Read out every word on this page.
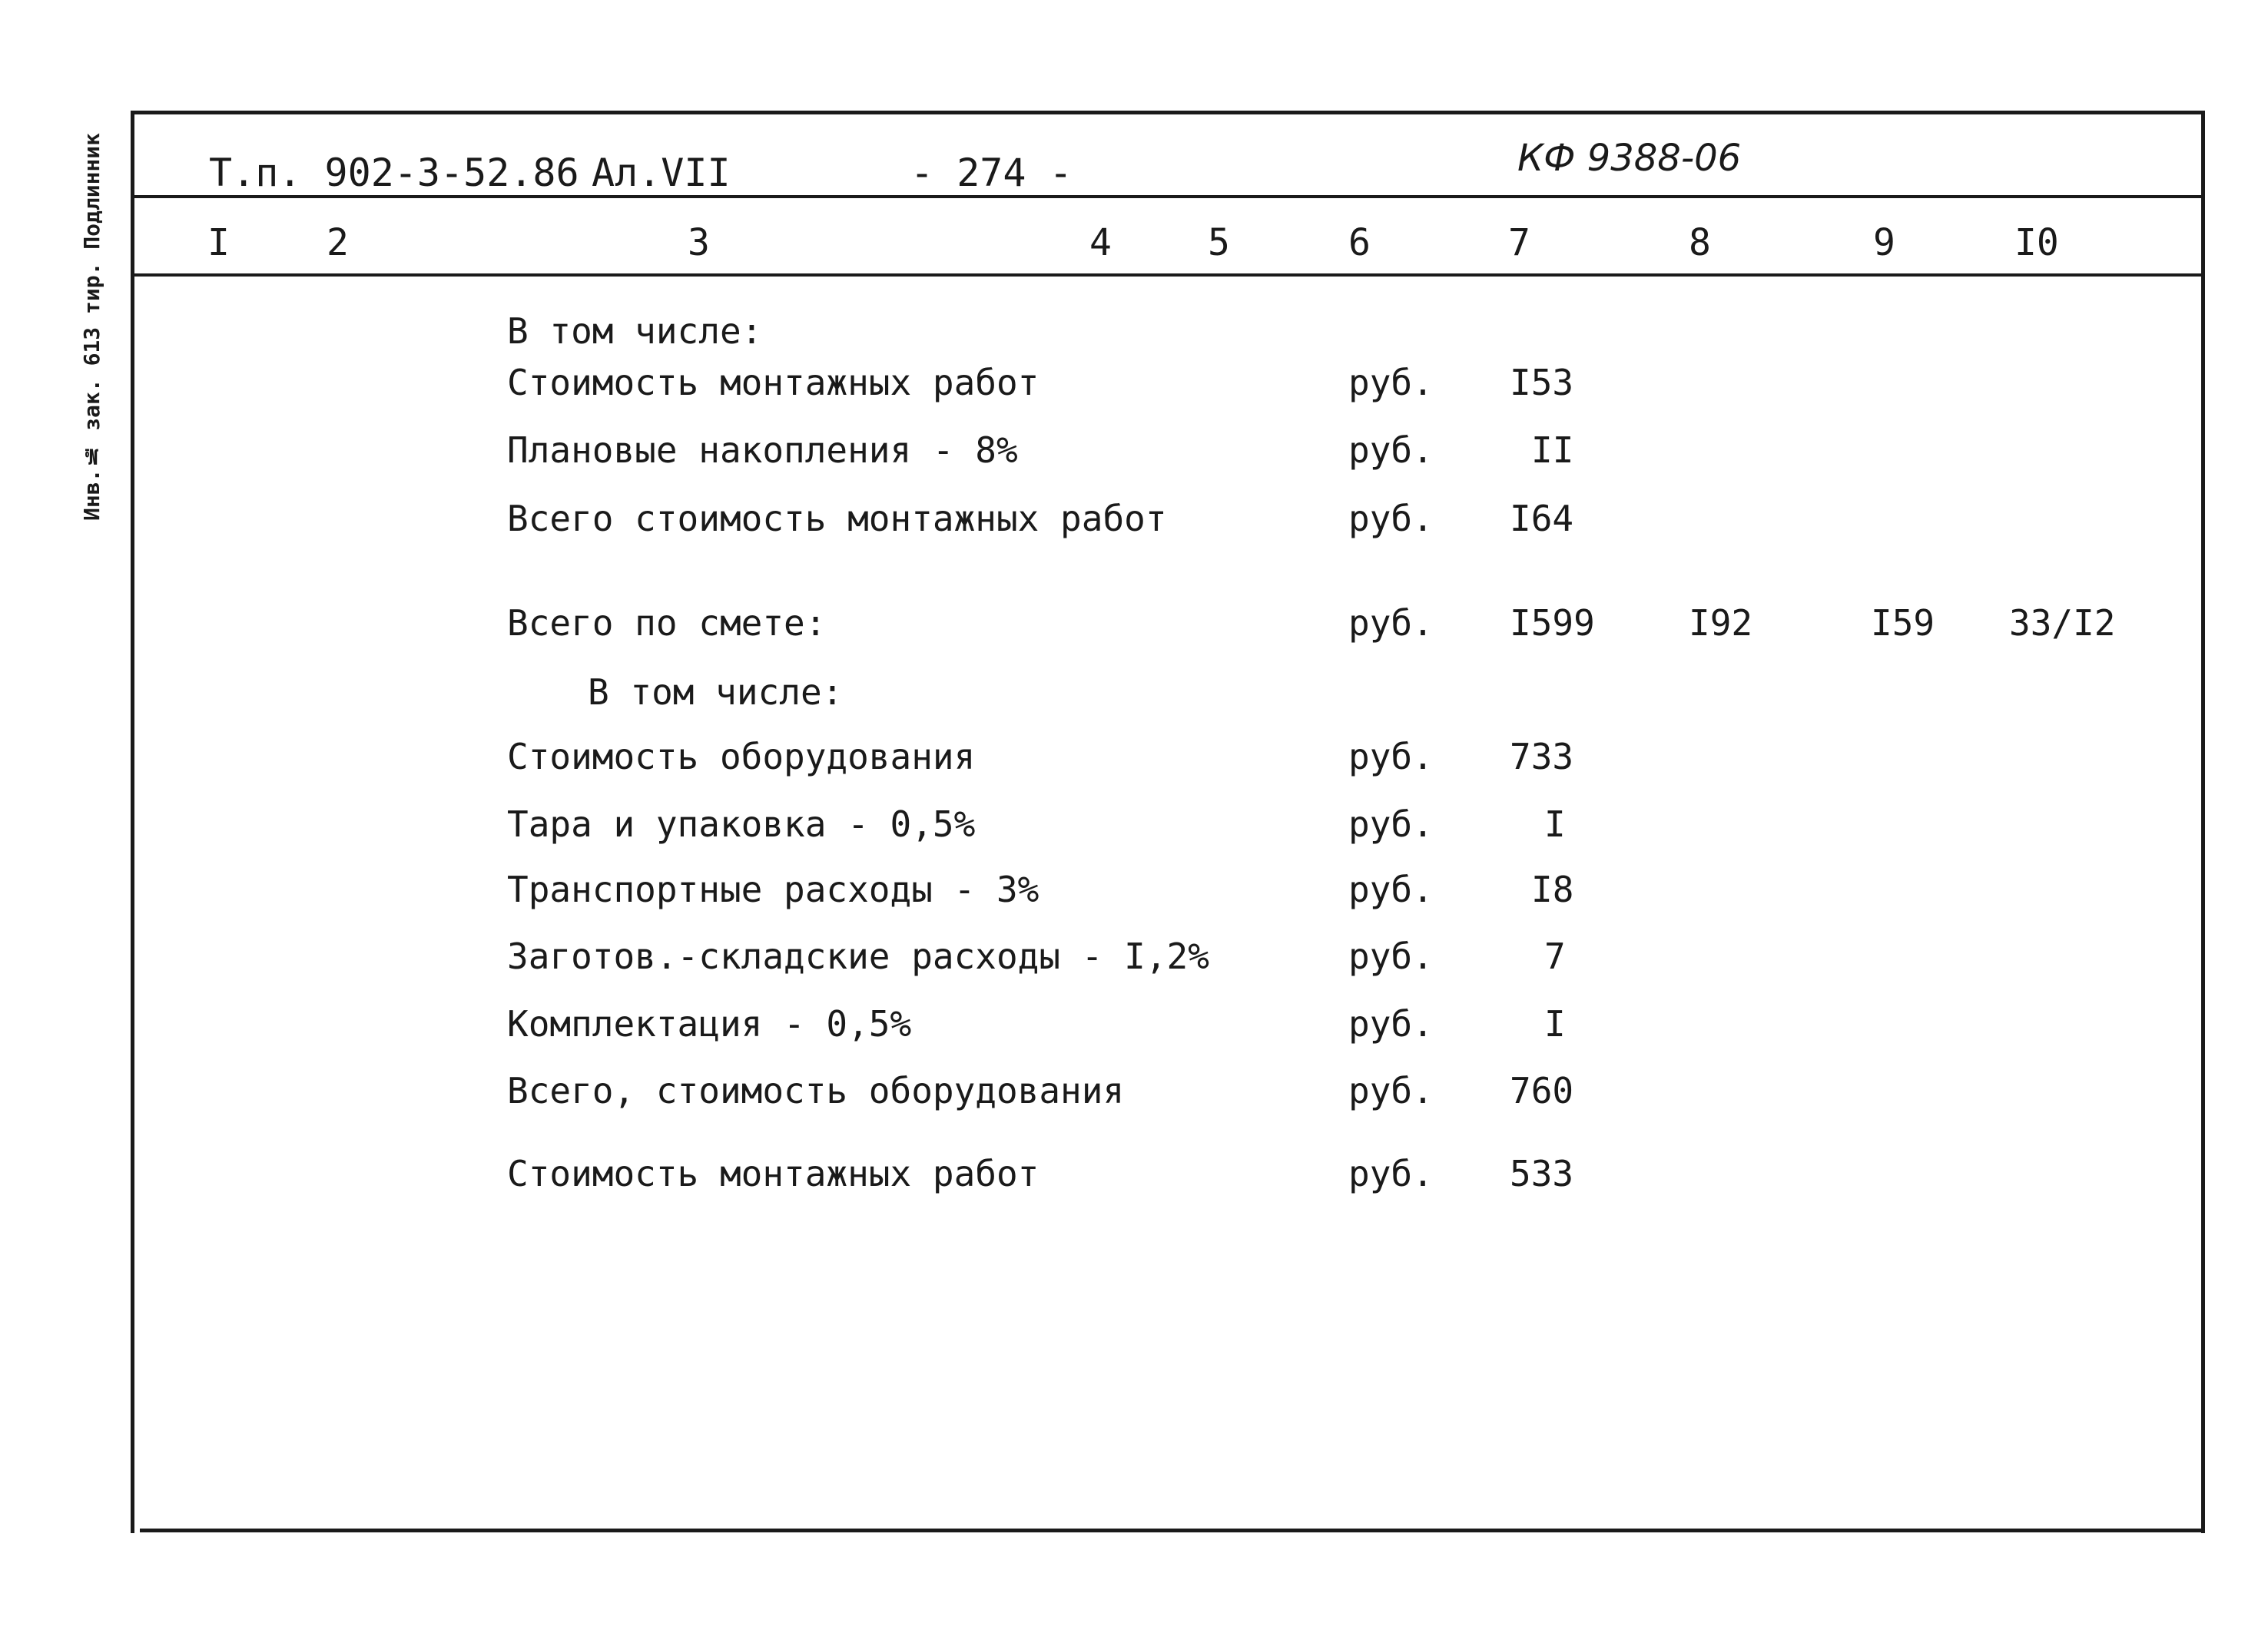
Инв.№ зак. 613 тир. Подлинник	Т.п. 902-3-52.86 Ал.VII	- 274 -	КФ 9388-06
I	2	3	4	5	6	7	8	9	I0
В том числе:
Стоимость монтажных работ	руб. I53
Плановые накопления - 8%	руб.	II
Всего стоимость монтажных работ	руб. I64
Всего по смете:	руб. I599	I92	I59 33/I2
В том числе:
Стоимость оборудования	руб. 733
Тара и упаковка - 0,5%	руб.	I
Транспортные расходы - 3%	руб.	I8
Заготов.-складские расходы - I,2%	руб.	7
Комплектация - 0,5%	руб.	I
Всего, стоимость оборудования	руб. 760
Стоимость монтажных работ	руб. 533
